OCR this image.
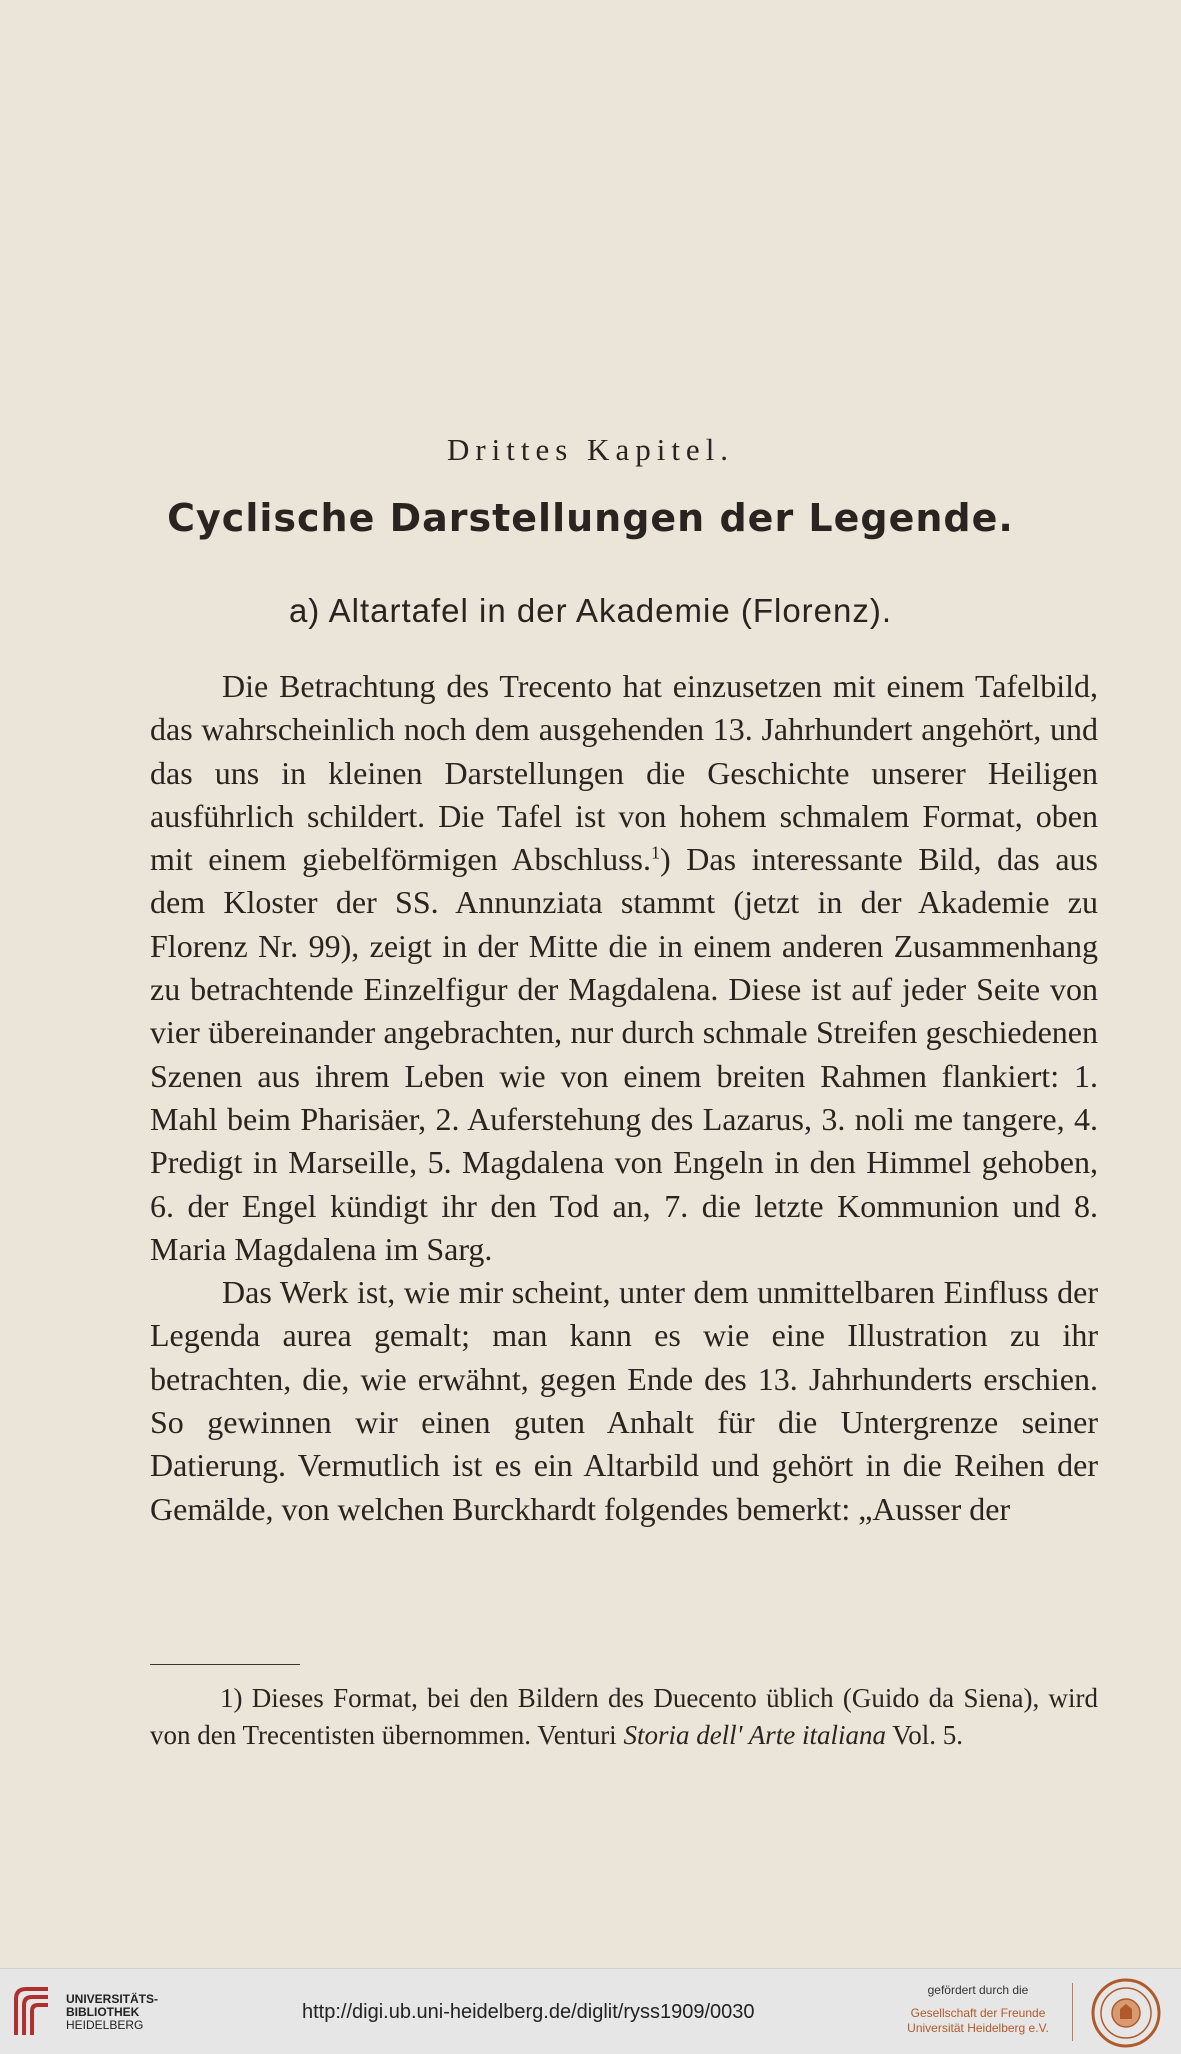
Drittes Kapitel.
Cyclische Darstellungen der Legende.
a) Altartafel in der Akademie (Florenz).

Die Betrachtung des Trecento hat einzusetzen mit einem Tafelbild, das wahrscheinlich noch dem ausgehenden 13. Jahrhundert angehört, und das uns in kleinen Darstellungen die Geschichte unserer Heiligen ausführlich schildert. Die Tafel ist von hohem schmalem Format, oben mit einem giebelförmigen Abschluss.$^1$) Das interessante Bild, das aus dem Kloster der SS. Annunziata stammt (jetzt in der Akademie zu Florenz Nr. 99), zeigt in der Mitte die in einem anderen Zusammenhang zu betrachtende Einzelfigur der Magdalena. Diese ist auf jeder Seite von vier übereinander angebrachten, nur durch schmale Streifen geschiedenen Szenen aus ihrem Leben wie von einem breiten Rahmen flankiert: 1. Mahl beim Pharisäer, 2. Auferstehung des Lazarus, 3. noli me tangere, 4. Predigt in Marseille, 5. Magdalena von Engeln in den Himmel gehoben, 6. der Engel kündigt ihr den Tod an, 7. die letzte Kommunion und 8. Maria Magdalena im Sarg.

Das Werk ist, wie mir scheint, unter dem unmittelbaren Einfluss der Legenda aurea gemalt; man kann es wie eine Illustration zu ihr betrachten, die, wie erwähnt, gegen Ende des 13. Jahrhunderts erschien. So gewinnen wir einen guten Anhalt für die Untergrenze seiner Datierung. Vermutlich ist es ein Altarbild und gehört in die Reihen der Gemälde, von welchen Burckhardt folgendes bemerkt: „Ausser der

1) Dieses Format, bei den Bildern des Duecento üblich (Guido da Siena), wird von den Trecentisten übernommen. Venturi Storia dell' Arte italiana Vol. 5.

UNIVERSITÄTS-
BIBLIOTHEK
HEIDELBERG
http://digi.ub.uni-heidelberg.de/diglit/ryss1909/0030
gefördert durch die
Gesellschaft der Freunde
Universität Heidelberg e.V.
